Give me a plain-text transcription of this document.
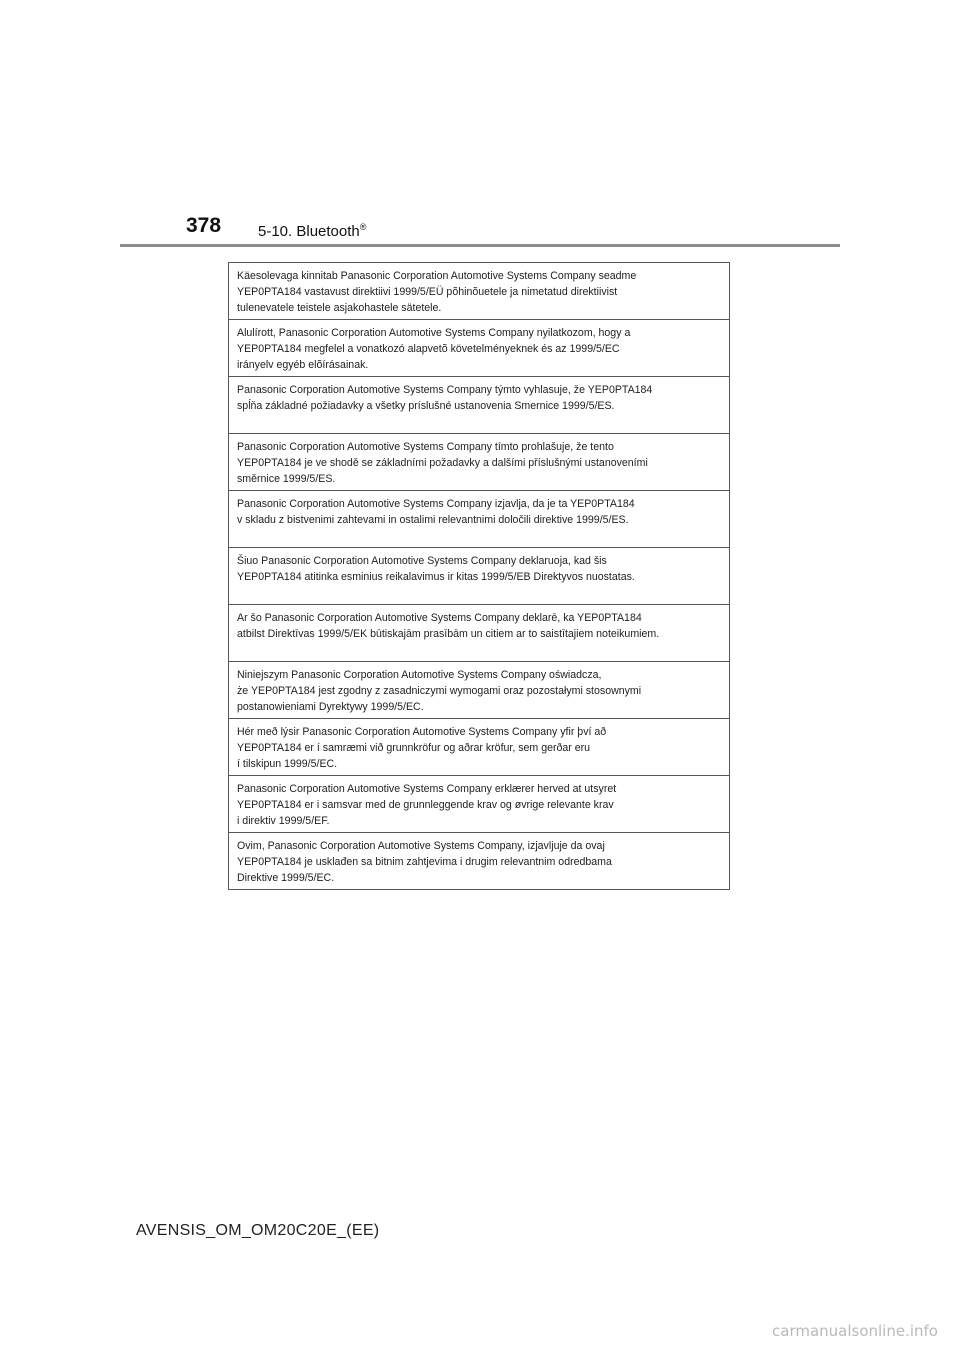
378 5-10. Bluetooth®
Käesolevaga kinnitab Panasonic Corporation Automotive Systems Company seadme
YEP0PTA184 vastavust direktiivi 1999/5/EÜ põhinõuetele ja nimetatud direktiivist
tulenevatele teistele asjakohastele sätetele.
Alulírott, Panasonic Corporation Automotive Systems Company nyilatkozom, hogy a
YEP0PTA184 megfelel a vonatkozó alapvetõ követelményeknek és az 1999/5/EC
irányelv egyéb elõírásainak.
Panasonic Corporation Automotive Systems Company týmto vyhlasuje, že YEP0PTA184
spĺňa základné požiadavky a všetky príslušné ustanovenia Smernice 1999/5/ES.
Panasonic Corporation Automotive Systems Company tímto prohlašuje, že tento
YEP0PTA184 je ve shodě se základními požadavky a dalšími příslušnými ustanoveními
směrnice 1999/5/ES.
Panasonic Corporation Automotive Systems Company izjavlja, da je ta YEP0PTA184
v skladu z bistvenimi zahtevami in ostalimi relevantnimi določili direktive 1999/5/ES.
Šiuo Panasonic Corporation Automotive Systems Company deklaruoja, kad šis
YEP0PTA184 atitinka esminius reikalavimus ir kitas 1999/5/EB Direktyvos nuostatas.
Ar šo Panasonic Corporation Automotive Systems Company deklarē, ka YEP0PTA184
atbilst Direktīvas 1999/5/EK būtiskajām prasībām un citiem ar to saistītajiem noteikumiem.
Niniejszym Panasonic Corporation Automotive Systems Company oświadcza,
że YEP0PTA184 jest zgodny z zasadniczymi wymogami oraz pozostałymi stosownymi
postanowieniami Dyrektywy 1999/5/EC.
Hér með lýsir Panasonic Corporation Automotive Systems Company yfir því að
YEP0PTA184 er í samræmi við grunnkröfur og aðrar kröfur, sem gerðar eru
í tilskipun 1999/5/EC.
Panasonic Corporation Automotive Systems Company erklærer herved at utsyret
YEP0PTA184 er i samsvar med de grunnleggende krav og øvrige relevante krav
i direktiv 1999/5/EF.
Ovim, Panasonic Corporation Automotive Systems Company, izjavljuje da ovaj
YEP0PTA184 je usklađen sa bitnim zahtjevima i drugim relevantnim odredbama
Direktive 1999/5/EC.
AVENSIS_OM_OM20C20E_(EE)
carmanualsonline.info
